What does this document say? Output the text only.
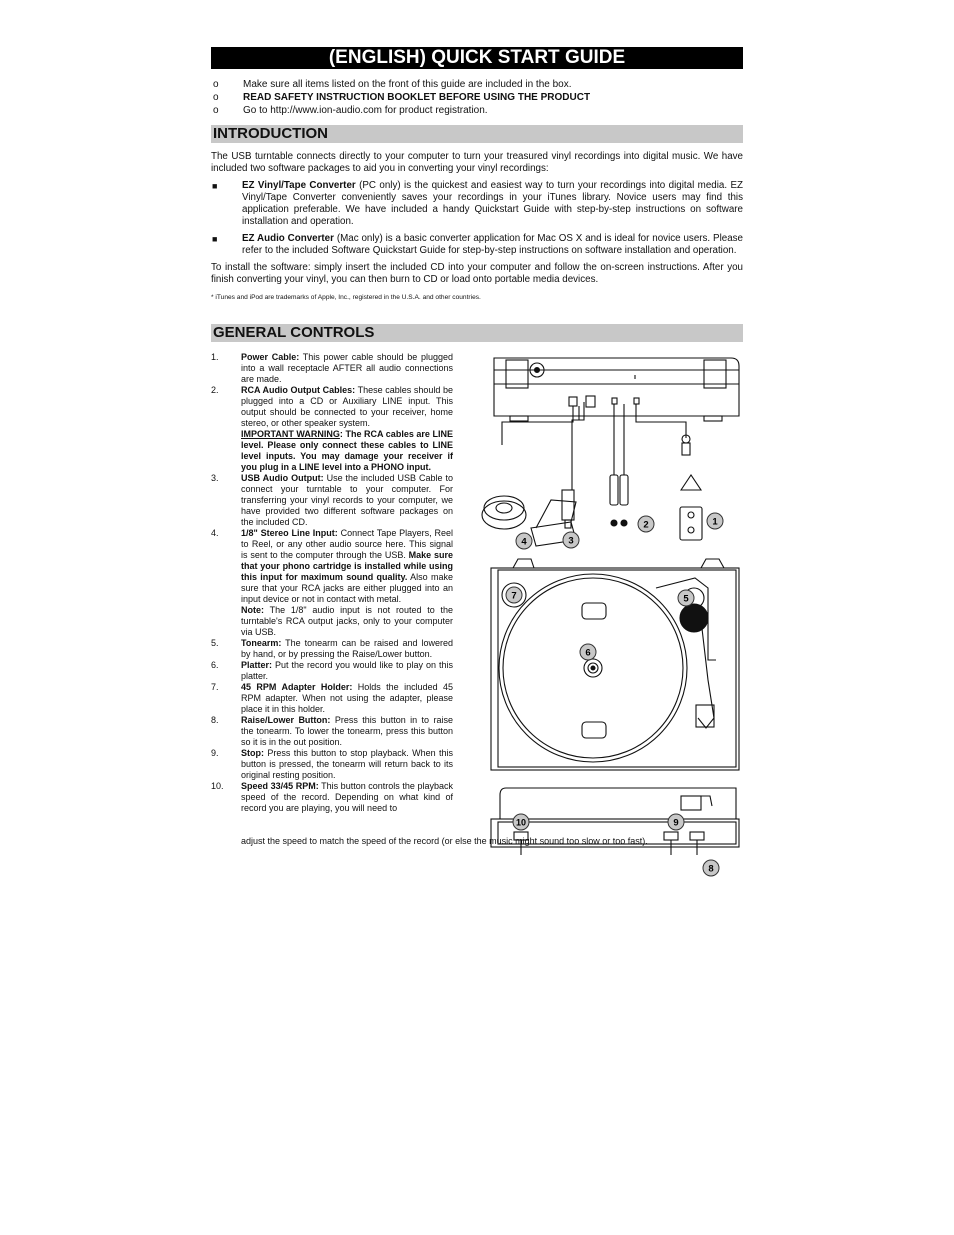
(ENGLISH) QUICK START GUIDE
o	Make sure all items listed on the front of this guide are included in the box.
o	READ SAFETY INSTRUCTION BOOKLET BEFORE USING THE PRODUCT
o	Go to http://www.ion-audio.com for product registration.
INTRODUCTION

The USB turntable connects directly to your computer to turn your treasured vinyl recordings into digital music. We have included two software packages to aid you in converting your vinyl recordings:

■	EZ Vinyl/Tape Converter (PC only) is the quickest and easiest way to turn your recordings into digital media. EZ Vinyl/Tape Converter conveniently saves your recordings in your iTunes library. Novice users may find this application preferable. We have included a handy Quickstart Guide with step-by-step instructions on software installation and operation.
■	EZ Audio Converter (Mac only) is a basic converter application for Mac OS X and is ideal for novice users. Please refer to the included Software Quickstart Guide for step-by-step instructions on software installation and operation.

To install the software: simply insert the included CD into your computer and follow the on-screen instructions. After you finish converting your vinyl, you can then burn to CD or load onto portable media devices.

* iTunes and iPod are trademarks of Apple, Inc., registered in the U.S.A. and other countries.
GENERAL CONTROLS
1.	Power Cable: This power cable should be plugged into a wall receptacle AFTER all audio connections are made.
2.	RCA Audio Output Cables: These cables should be plugged into a CD or Auxiliary LINE input. This output should be connected to your receiver, home stereo, or other speaker system.
IMPORTANT WARNING: The RCA cables are LINE level. Please only connect these cables to LINE level inputs. You may damage your receiver if you plug in a LINE level into a PHONO input.
3.	USB Audio Output: Use the included USB Cable to connect your turntable to your computer. For transferring your vinyl records to your computer, we have provided two different software packages on the included CD.
4.	1/8" Stereo Line Input: Connect Tape Players, Reel to Reel, or any other audio source here. This signal is sent to the computer through the USB. Make sure that your phono cartridge is installed while using this input for maximum sound quality. Also make sure that your RCA jacks are either plugged into an input device or not in contact with metal.
Note: The 1/8" audio input is not routed to the turntable's RCA output jacks, only to your computer via USB.
5.	Tonearm: The tonearm can be raised and lowered by hand, or by pressing the Raise/Lower button.
6.	Platter: Put the record you would like to play on this platter.
7.	45 RPM Adapter Holder: Holds the included 45 RPM adapter. When not using the adapter, please place it in this holder.
8.	Raise/Lower Button: Press this button in to raise the tonearm. To lower the tonearm, press this button so it is in the out position.
9.	Stop: Press this button to stop playback. When this button is pressed, the tonearm will return back to its original resting position.
10.	Speed 33/45 RPM: This button controls the playback speed of the record. Depending on what kind of record you are playing, you will need to
adjust the speed to match the speed of the record (or else the music might sound too slow or too fast).
1
2
3
4
5
6
7
8
10	9
